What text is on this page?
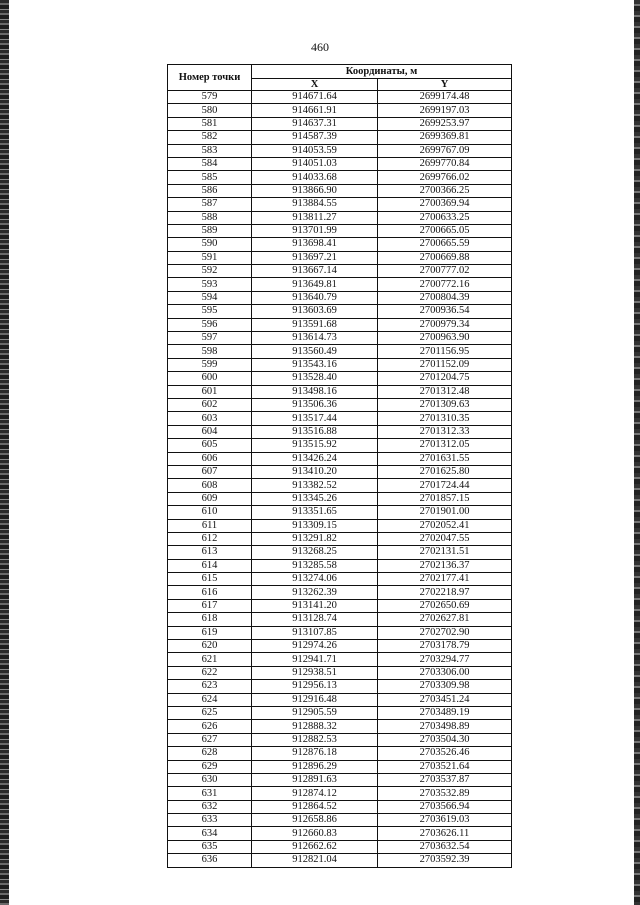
460
Номер точки	Координаты, м	
	X	Y
579	914671.64	2699174.48
580	914661.91	2699197.03
581	914637.31	2699253.97
582	914587.39	2699369.81
583	914053.59	2699767.09
584	914051.03	2699770.84
585	914033.68	2699766.02
586	913866.90	2700366.25
587	913884.55	2700369.94
588	913811.27	2700633.25
589	913701.99	2700665.05
590	913698.41	2700665.59
591	913697.21	2700669.88
592	913667.14	2700777.02
593	913649.81	2700772.16
594	913640.79	2700804.39
595	913603.69	2700936.54
596	913591.68	2700979.34
597	913614.73	2700963.90
598	913560.49	2701156.95
599	913543.16	2701152.09
600	913528.40	2701204.75
601	913498.16	2701312.48
602	913506.36	2701309.63
603	913517.44	2701310.35
604	913516.88	2701312.33
605	913515.92	2701312.05
606	913426.24	2701631.55
607	913410.20	2701625.80
608	913382.52	2701724.44
609	913345.26	2701857.15
610	913351.65	2701901.00
611	913309.15	2702052.41
612	913291.82	2702047.55
613	913268.25	2702131.51
614	913285.58	2702136.37
615	913274.06	2702177.41
616	913262.39	2702218.97
617	913141.20	2702650.69
618	913128.74	2702627.81
619	913107.85	2702702.90
620	912974.26	2703178.79
621	912941.71	2703294.77
622	912938.51	2703306.00
623	912956.13	2703309.98
624	912916.48	2703451.24
625	912905.59	2703489.19
626	912888.32	2703498.89
627	912882.53	2703504.30
628	912876.18	2703526.46
629	912896.29	2703521.64
630	912891.63	2703537.87
631	912874.12	2703532.89
632	912864.52	2703566.94
633	912658.86	2703619.03
634	912660.83	2703626.11
635	912662.62	2703632.54
636	912821.04	2703592.39
